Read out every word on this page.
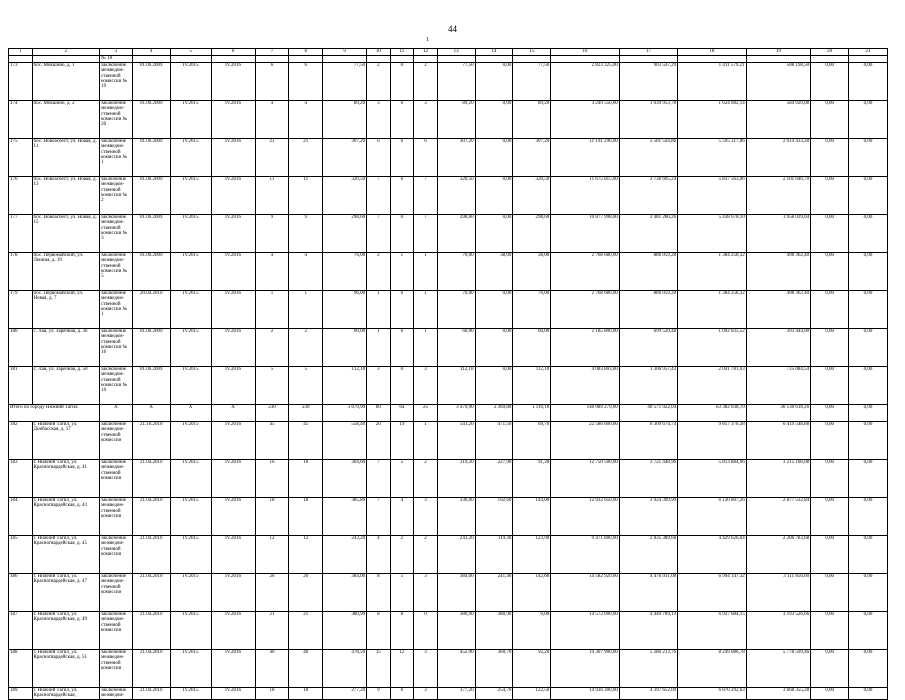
44
1
1	2	3	4	5	6	7	8	9	10	11	12	13	14	15	16	17	18	19	20	21
		№ 18																		
173	пос. Мокшино, д. 1	заключение межведом-ственной комиссии № 19	01.06.2009	IV.2015	IV.2016	6	6	77,50	2	0	2	77,50	0,00	77,50	2 823 325,00	903 547,29	1 411 579,21	508 198,50	0,00	0,00
174	пос. Мокшино, д. 2	заключение межведом-ственной комиссии № 20	01.06.2009	IV.2015	IV.2016	4	4	89,20	3	0	3	89,20	0,00	89,20	3 249 556,00	1 039 953,78	1 624 682,14	584 920,08	0,00	0,00
175	пос. Новоасбест, ул. Новая, д. 11	заключение межведом-ственной комиссии № 1	01.06.2009	IV.2015	IV.2016	21	21	307,20	6	0	6	307,20	0,00	307,20	11 191 296,00	3 581 544,86	5 595 317,86	2 014 433,28	0,00	0,00
176	пос. Новоасбест, ул. Новая, д. 13	заключение межведом-ственной комиссии № 2	01.06.2009	IV.2015	IV.2016	11	11	320,50	7	0	7	320,50	0,00	320,50	11 675 815,00	3 736 605,24	5 837 563,06	2 101 646,70	0,00	0,00
177	пос. Новоасбест, ул. Новая, д. 15	заключение межведом-ственной комиссии № 3	01.06.2009	IV.2015	IV.2016	9	9	298,60	7	0	7	298,60	0,00	298,60	10 877 998,00	3 481 280,26	5 438 678,10	1 958 039,64	0,00	0,00
178	пос. Первомайский, ул. Ленина, д. 19	заключение межведом-ственной комиссии № 5	01.06.2009	IV.2015	IV.2016	4	4	76,00	2	1	1	76,00	38,00	38,00	2 768 680,00	886 059,28	1 384 258,32	498 362,40	0,00	0,00
179	пос. Первомайский, ул. Новая, д. 7	заключение межведом-ственной комиссии № 1	20.04.2010	IV.2015	IV.2016	1	1	96,00	1	0	1	76,00	0,00	76,00	2 768 680,00	886 059,28	1 384 258,32	498 362,40	0,00	0,00
180	с. Лая, ул. Заречная, д. 36	заключение межведом-ственной комиссии № 16	01.06.2009	IV.2015	IV.2016	2	2	90,00	1	0	1	60,00	0,00	60,00	2 185 800,00	699 520,48	1 092 835,52	393 444,00	0,00	0,00
181	с. Лая, ул. Заречная, д. 50	заключение межведом-ственной комиссии № 16	01.06.2009	IV.2015	IV.2016	5	5	112,10	3	0	3	112,10	0,00	112,10	4 083 803,00	1 306 957,43	2 041 781,03	735 084,54	0,00	0,00
Итого по городу Нижний Тагил:		X	X	X	X	230	230	3 679,90	89	64	25	3 479,90	2 369,80	1 110,10	140 089 279,00	40 571 022,04	63 382 638,70	36 130 618,26	0,00	0,00
182	г. Нижний Тагил, ул. Донбасская, д. 17	заключение межведом-ственной комиссии	21.10.2010	IV.2015	IV.2016	45	45	558,40	20	19	1	541,20	471,50	69,70	22 586 600,00	6 309 674,74	9 857 376,38	6 419 548,88	0,00	0,00
183	г. Нижний Тагил, ул. Красногвардейская, д. 41	заключение межведом-ственной комиссии	21.04.2010	IV.2015	IV.2016	16	16	364,60	7	5	2	319,20	227,90	91,30	12 750 500,00	3 721 448,96	5 813 884,96	3 215 166,08	0,00	0,00
184	г. Нижний Тагил, ул. Красногвардейская, д. 43	заключение межведом-ственной комиссии	21.04.2010	IV.2015	IV.2016	18	18	385,80	7	4	3	336,60	192,60	144,00	12 932 650,00	3 924 309,90	6 130 807,26	2 877 532,84	0,00	0,00
185	г. Нижний Тагил, ул. Красногвардейская, д. 45	заключение межведом-ственной комиссии	21.04.2010	IV.2015	IV.2016	12	12	243,20	4	2	2	243,20	119,30	123,90	9 471 800,00	2 835 389,68	4 429 626,64	2 206 783,68	0,00	0,00
186	г. Нижний Тагил, ул. Красногвардейская, д. 47	заключение межведом-ственной комиссии	21.04.2010	IV.2015	IV.2016	26	26	384,00	8	5	3	384,00	241,40	142,60	14 582 929,00	4 476 931,08	6 994 147,32	3 111 850,60	0,00	0,00
187	г. Нижний Тагил, ул. Красногвардейская, д. 49	заключение межведом-ственной комиссии	21.04.2010	IV.2015	IV.2016	21	21	380,90	8	8	0	380,90	380,90	0,00	14 572 000,00	4 440 789,19	6 937 684,15	3 193 526,66	0,00	0,00
188	г. Нижний Тагил, ул. Красногвардейская, д. 51	заключение межведом-ственной комиссии	21.04.2010	IV.2015	IV.2016	40	40	478,50	15	12	3	452,90	360,70	92,20	19 307 900,00	5 280 213,76	8 249 086,78	5 778 599,46	0,00	0,00
189	г. Нижний Тагил, ул. Красногвардейская,	заключение межведом-	21.04.2010	IV.2015	IV.2016	18	18	277,20	9	6	3	377,20	254,70	122,50	14 936 300,00	4 397 652,09	6 870 292,63	3 668 355,28	0,00	0,00
